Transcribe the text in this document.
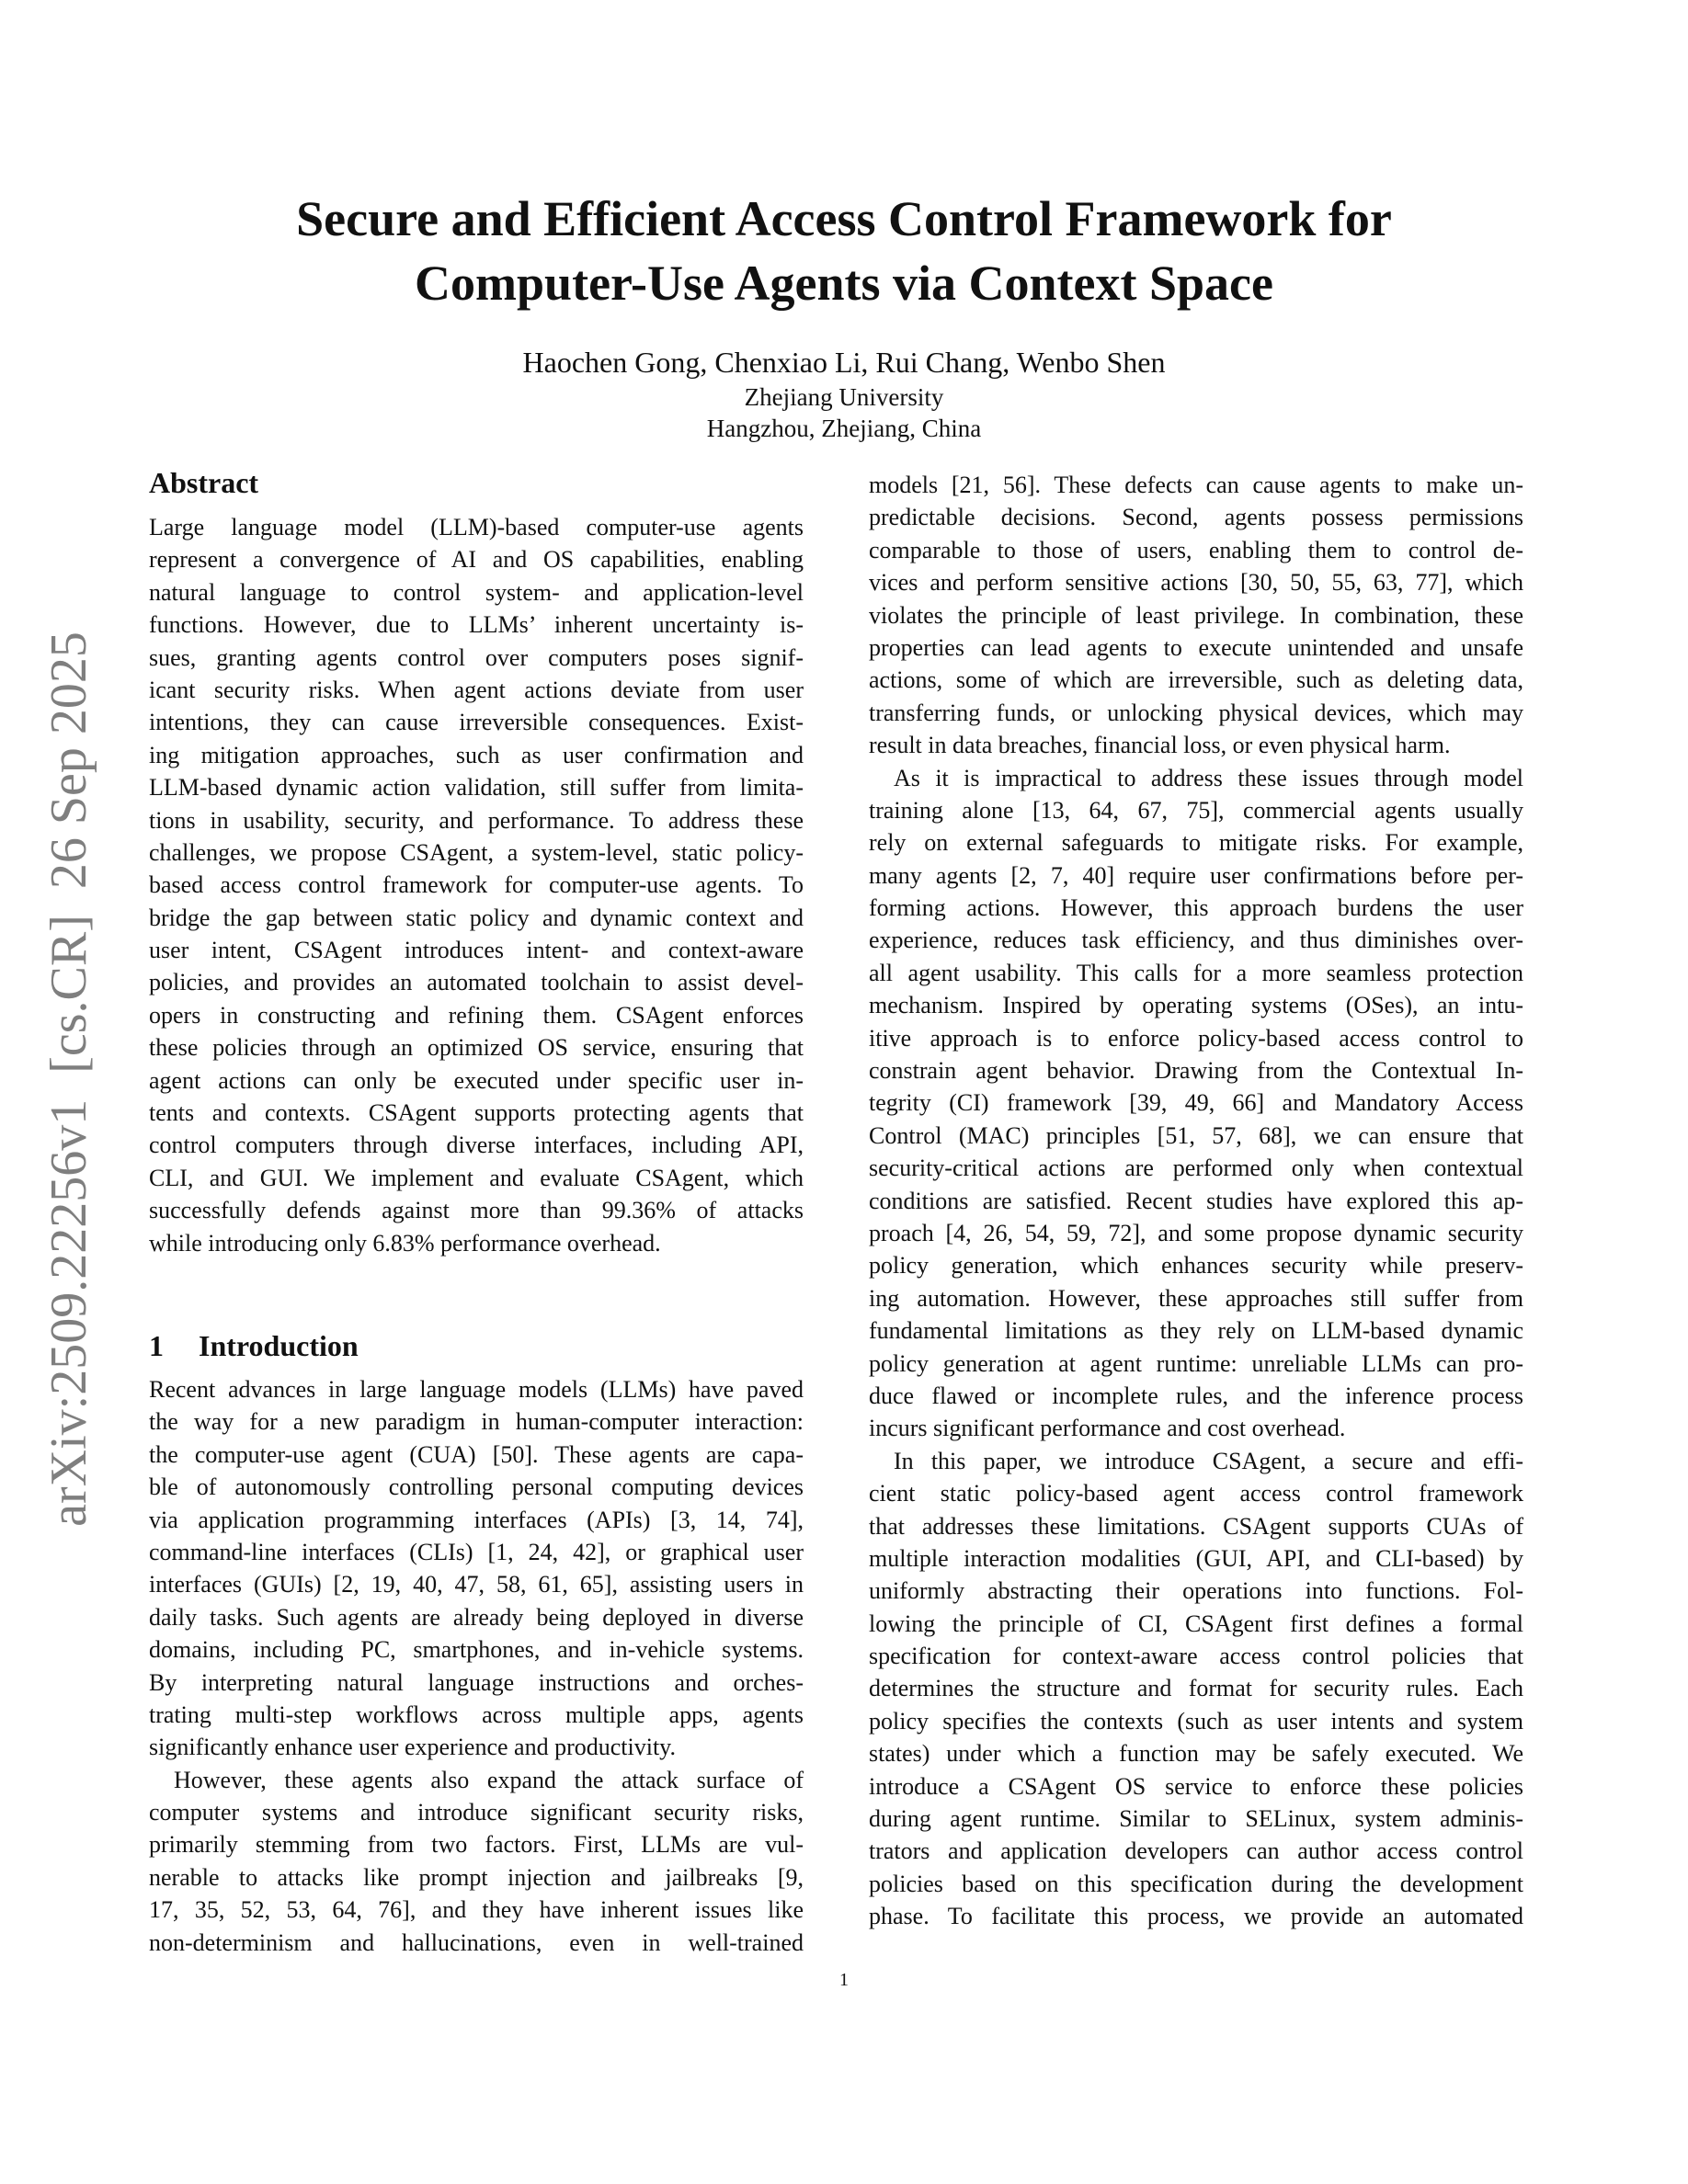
arXiv:2509.22256v1  [cs.CR]  26 Sep 2025
Secure and Efficient Access Control Framework for
Computer-Use Agents via Context Space
Haochen Gong, Chenxiao Li, Rui Chang, Wenbo Shen
Zhejiang University
Hangzhou, Zhejiang, China
Abstract
Large language model (LLM)-based computer-use agents
represent a convergence of AI and OS capabilities, enabling
natural language to control system- and application-level
functions. However, due to LLMs’ inherent uncertainty is-
sues, granting agents control over computers poses signif-
icant security risks. When agent actions deviate from user
intentions, they can cause irreversible consequences. Exist-
ing mitigation approaches, such as user confirmation and
LLM-based dynamic action validation, still suffer from limita-
tions in usability, security, and performance. To address these
challenges, we propose CSAgent, a system-level, static policy-
based access control framework for computer-use agents. To
bridge the gap between static policy and dynamic context and
user intent, CSAgent introduces intent- and context-aware
policies, and provides an automated toolchain to assist devel-
opers in constructing and refining them. CSAgent enforces
these policies through an optimized OS service, ensuring that
agent actions can only be executed under specific user in-
tents and contexts. CSAgent supports protecting agents that
control computers through diverse interfaces, including API,
CLI, and GUI. We implement and evaluate CSAgent, which
successfully defends against more than 99.36% of attacks
while introducing only 6.83% performance overhead.
1 Introduction
Recent advances in large language models (LLMs) have paved
the way for a new paradigm in human-computer interaction:
the computer-use agent (CUA) [50]. These agents are capa-
ble of autonomously controlling personal computing devices
via application programming interfaces (APIs) [3, 14, 74],
command-line interfaces (CLIs) [1, 24, 42], or graphical user
interfaces (GUIs) [2, 19, 40, 47, 58, 61, 65], assisting users in
daily tasks. Such agents are already being deployed in diverse
domains, including PC, smartphones, and in-vehicle systems.
By interpreting natural language instructions and orches-
trating multi-step workflows across multiple apps, agents
significantly enhance user experience and productivity.
However, these agents also expand the attack surface of
computer systems and introduce significant security risks,
primarily stemming from two factors. First, LLMs are vul-
nerable to attacks like prompt injection and jailbreaks [9,
17, 35, 52, 53, 64, 76], and they have inherent issues like
non-determinism and hallucinations, even in well-trained
models [21, 56]. These defects can cause agents to make un-
predictable decisions. Second, agents possess permissions
comparable to those of users, enabling them to control de-
vices and perform sensitive actions [30, 50, 55, 63, 77], which
violates the principle of least privilege. In combination, these
properties can lead agents to execute unintended and unsafe
actions, some of which are irreversible, such as deleting data,
transferring funds, or unlocking physical devices, which may
result in data breaches, financial loss, or even physical harm.
As it is impractical to address these issues through model
training alone [13, 64, 67, 75], commercial agents usually
rely on external safeguards to mitigate risks. For example,
many agents [2, 7, 40] require user confirmations before per-
forming actions. However, this approach burdens the user
experience, reduces task efficiency, and thus diminishes over-
all agent usability. This calls for a more seamless protection
mechanism. Inspired by operating systems (OSes), an intu-
itive approach is to enforce policy-based access control to
constrain agent behavior. Drawing from the Contextual In-
tegrity (CI) framework [39, 49, 66] and Mandatory Access
Control (MAC) principles [51, 57, 68], we can ensure that
security-critical actions are performed only when contextual
conditions are satisfied. Recent studies have explored this ap-
proach [4, 26, 54, 59, 72], and some propose dynamic security
policy generation, which enhances security while preserv-
ing automation. However, these approaches still suffer from
fundamental limitations as they rely on LLM-based dynamic
policy generation at agent runtime: unreliable LLMs can pro-
duce flawed or incomplete rules, and the inference process
incurs significant performance and cost overhead.
In this paper, we introduce CSAgent, a secure and effi-
cient static policy-based agent access control framework
that addresses these limitations. CSAgent supports CUAs of
multiple interaction modalities (GUI, API, and CLI-based) by
uniformly abstracting their operations into functions. Fol-
lowing the principle of CI, CSAgent first defines a formal
specification for context-aware access control policies that
determines the structure and format for security rules. Each
policy specifies the contexts (such as user intents and system
states) under which a function may be safely executed. We
introduce a CSAgent OS service to enforce these policies
during agent runtime. Similar to SELinux, system adminis-
trators and application developers can author access control
policies based on this specification during the development
phase. To facilitate this process, we provide an automated
1
